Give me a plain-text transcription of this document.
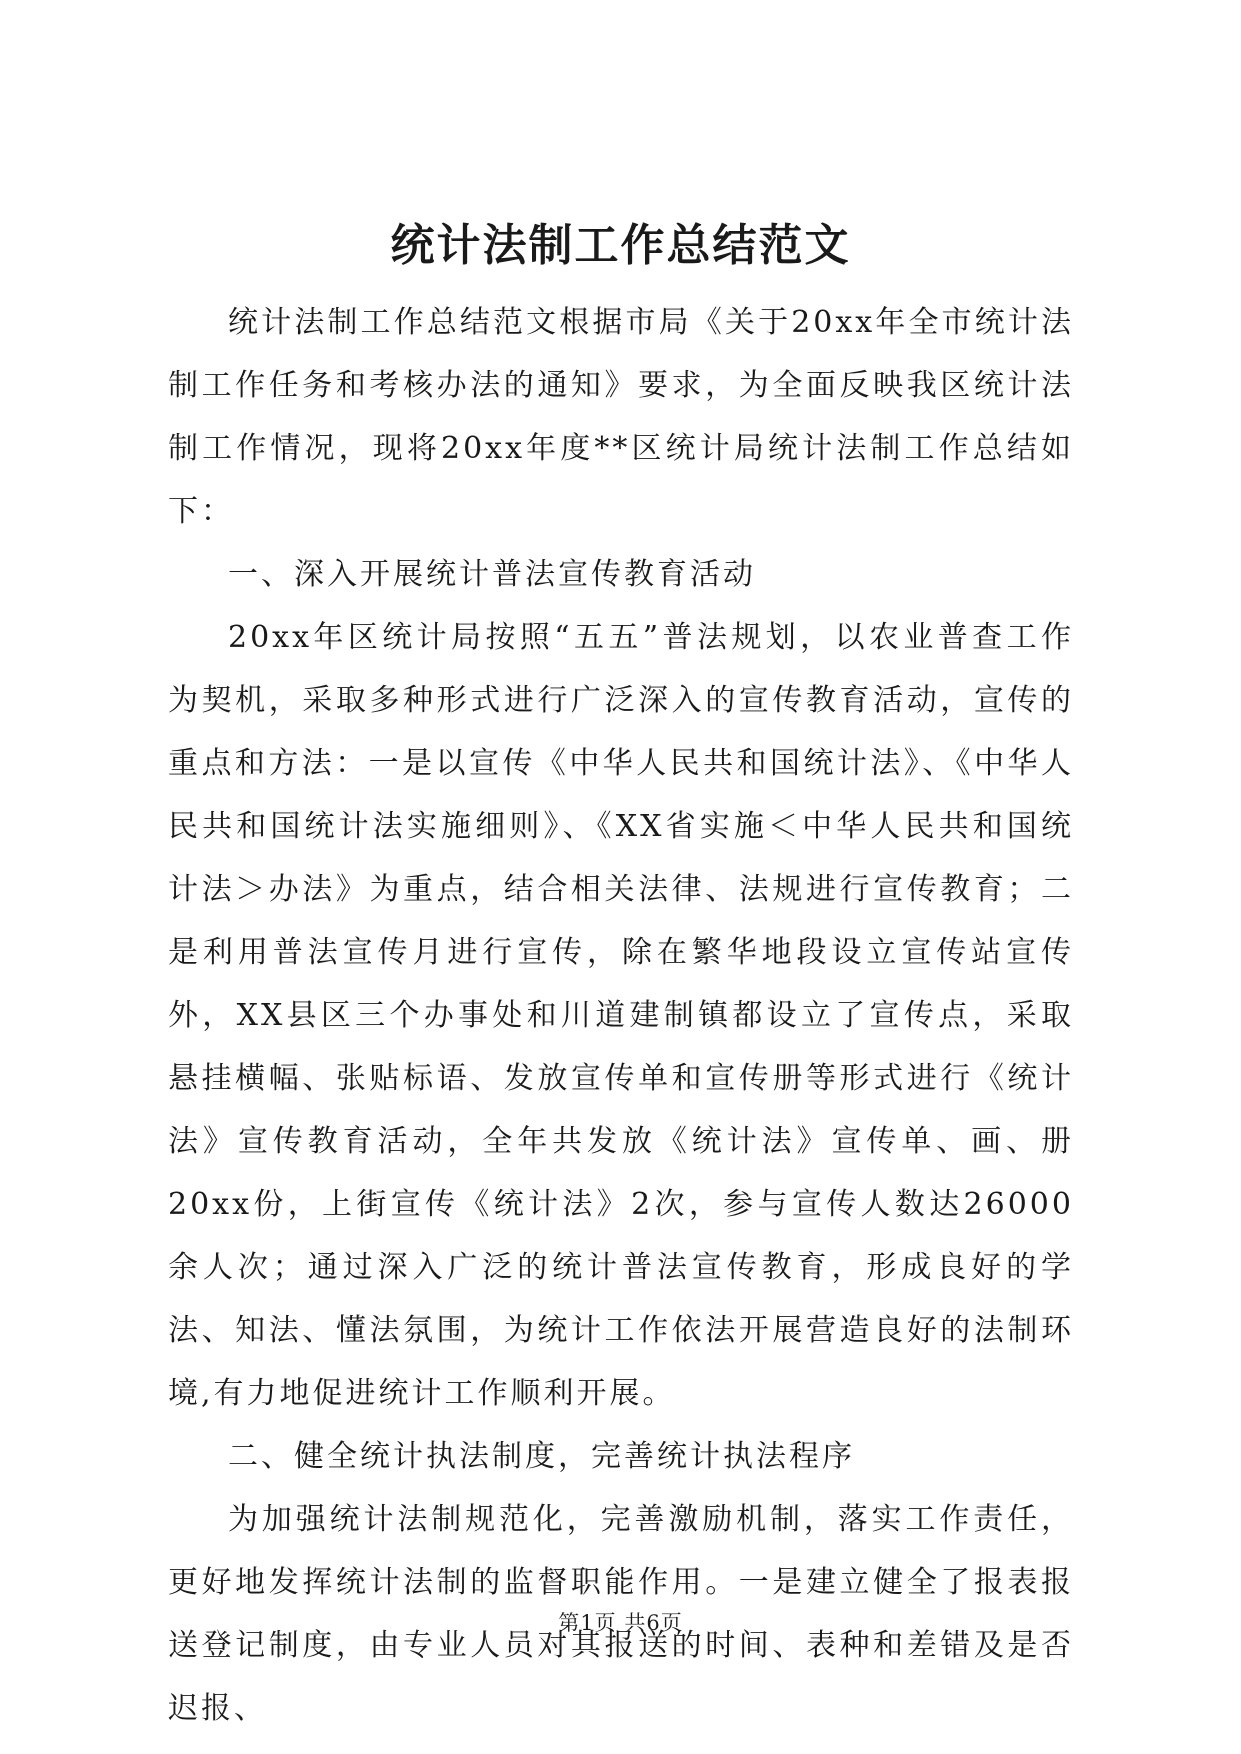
统计法制工作总结范文

统计法制工作总结范文根据市局《关于20xx年全市统计法制工作任务和考核办法的通知》要求，为全面反映我区统计法制工作情况，现将20xx年度**区统计局统计法制工作总结如下：

一、深入开展统计普法宣传教育活动

20xx年区统计局按照“五五”普法规划，以农业普查工作为契机，采取多种形式进行广泛深入的宣传教育活动，宣传的重点和方法：一是以宣传《中华人民共和国统计法》、《中华人民共和国统计法实施细则》、《XX省实施＜中华人民共和国统计法＞办法》为重点，结合相关法律、法规进行宣传教育；二是利用普法宣传月进行宣传，除在繁华地段设立宣传站宣传外，XX县区三个办事处和川道建制镇都设立了宣传点，采取悬挂横幅、张贴标语、发放宣传单和宣传册等形式进行《统计法》宣传教育活动，全年共发放《统计法》宣传单、画、册20xx份，上街宣传《统计法》2次，参与宣传人数达26000余人次；通过深入广泛的统计普法宣传教育，形成良好的学法、知法、懂法氛围，为统计工作依法开展营造良好的法制环境,有力地促进统计工作顺利开展。

二、健全统计执法制度，完善统计执法程序

为加强统计法制规范化，完善激励机制，落实工作责任，更好地发挥统计法制的监督职能作用。一是建立健全了报表报送登记制度，由专业人员对其报送的时间、表种和差错及是否迟报、

第1页 共6页
